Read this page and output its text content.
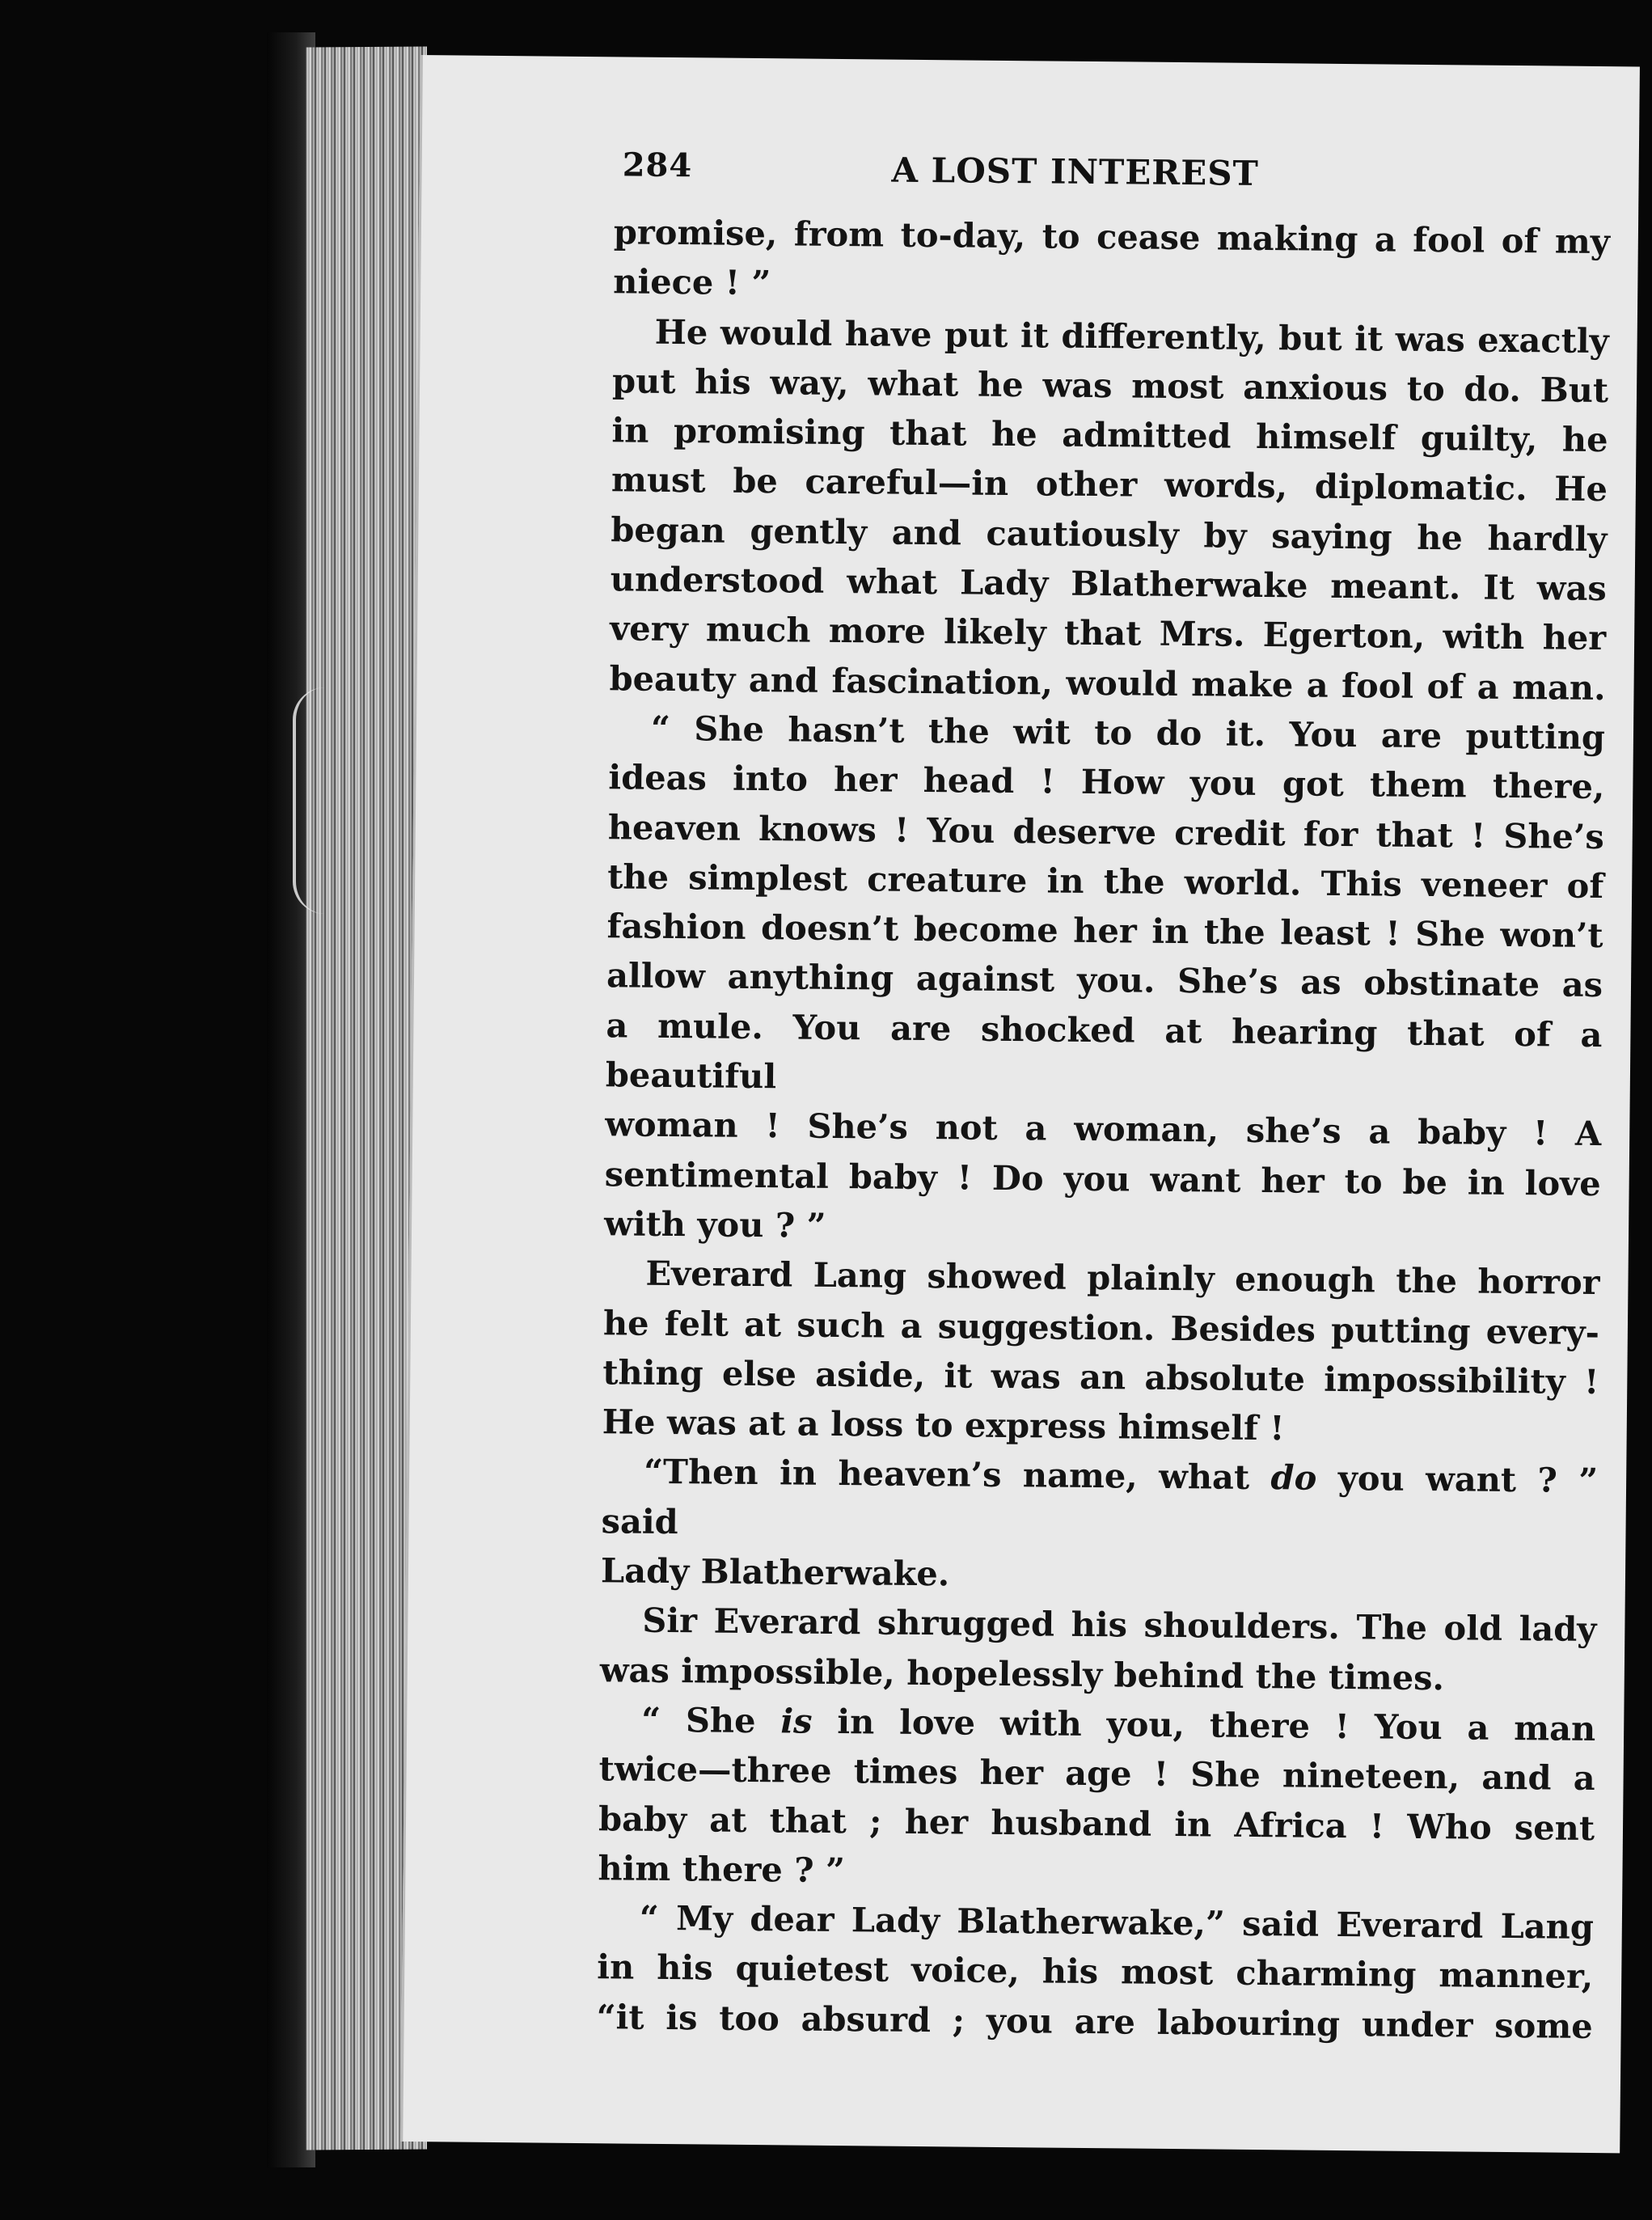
284	A LOST INTEREST

promise, from to-day, to cease making a fool of my

niece ! ”

He would have put it differently, but it was exactly

put his way, what he was most anxious to do. But

in promising that he admitted himself guilty, he

must be careful—in other words, diplomatic. He

began gently and cautiously by saying he hardly

understood what Lady Blatherwake meant. It was

very much more likely that Mrs. Egerton, with her

beauty and fascination, would make a fool of a man.

“ She hasn’t the wit to do it. You are putting

ideas into her head ! How you got them there,

heaven knows ! You deserve credit for that ! She’s

the simplest creature in the world. This veneer of

fashion doesn’t become her in the least ! She won’t

allow anything against you. She’s as obstinate as

a mule. You are shocked at hearing that of a beautiful

woman ! She’s not a woman, she’s a baby ! A

sentimental baby ! Do you want her to be in love

with you ? ”

Everard Lang showed plainly enough the horror

he felt at such a suggestion. Besides putting every-

thing else aside, it was an absolute impossibility !

He was at a loss to express himself !

“Then in heaven’s name, what do you want ? ” said

Lady Blatherwake.

Sir Everard shrugged his shoulders. The old lady

was impossible, hopelessly behind the times.

“ She is in love with you, there ! You a man

twice—three times her age ! She nineteen, and a

baby at that ; her husband in Africa ! Who sent

him there ? ”

“ My dear Lady Blatherwake,” said Everard Lang

in his quietest voice, his most charming manner,

“it is too absurd ; you are labouring under some
